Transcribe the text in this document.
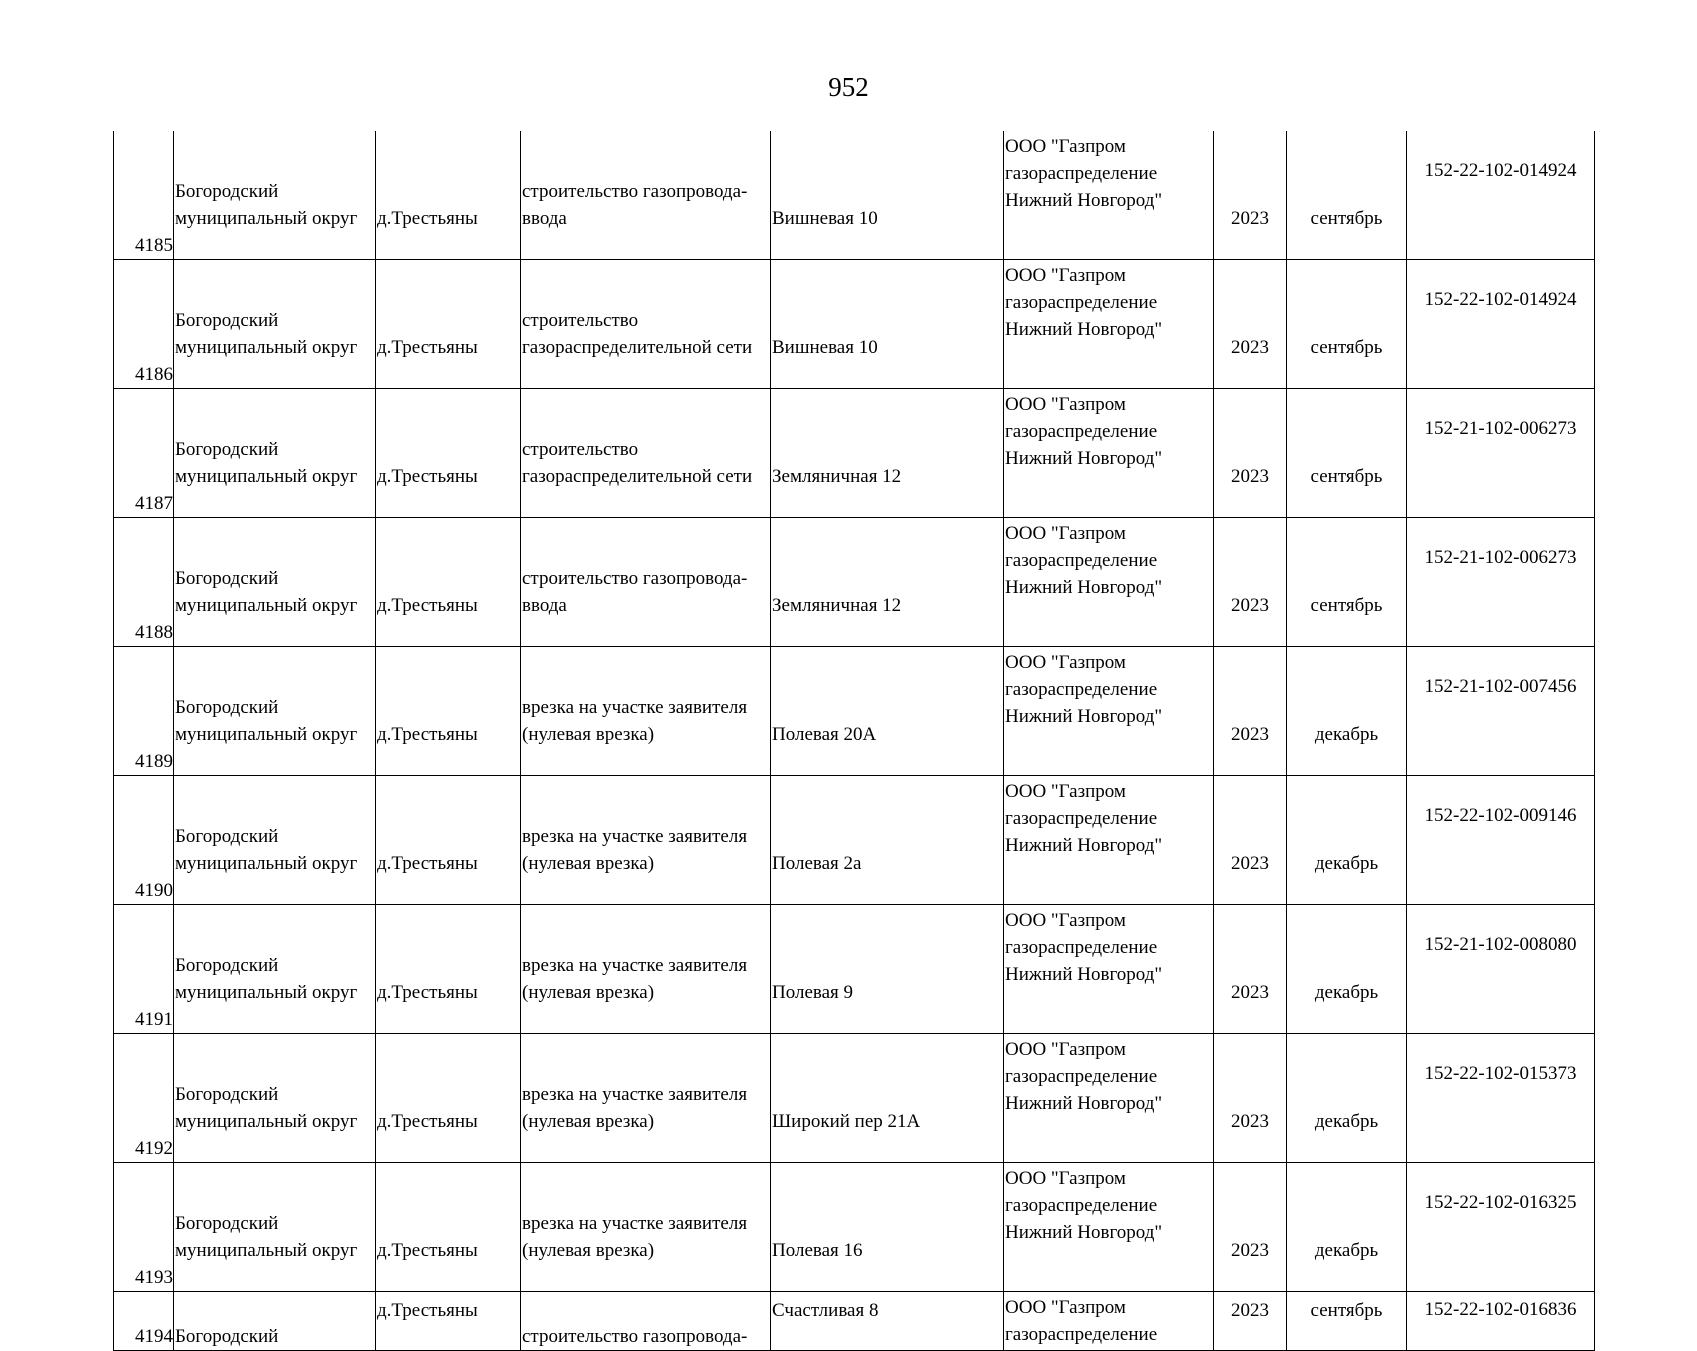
952
4185	Богородский
муниципальный округ	д.Трестьяны	строительство газопровода-
ввода	Вишневая 10	ООО "Газпром
газораспределение
Нижний Новгород"	2023	сентябрь	152-22-102-014924
4186	Богородский
муниципальный округ	д.Трестьяны	строительство
газораспределительной сети	Вишневая 10	ООО "Газпром
газораспределение
Нижний Новгород"	2023	сентябрь	152-22-102-014924
4187	Богородский
муниципальный округ	д.Трестьяны	строительство
газораспределительной сети	Земляничная 12	ООО "Газпром
газораспределение
Нижний Новгород"	2023	сентябрь	152-21-102-006273
4188	Богородский
муниципальный округ	д.Трестьяны	строительство газопровода-
ввода	Земляничная 12	ООО "Газпром
газораспределение
Нижний Новгород"	2023	сентябрь	152-21-102-006273
4189	Богородский
муниципальный округ	д.Трестьяны	врезка на участке заявителя
(нулевая врезка)	Полевая 20А	ООО "Газпром
газораспределение
Нижний Новгород"	2023	декабрь	152-21-102-007456
4190	Богородский
муниципальный округ	д.Трестьяны	врезка на участке заявителя
(нулевая врезка)	Полевая 2а	ООО "Газпром
газораспределение
Нижний Новгород"	2023	декабрь	152-22-102-009146
4191	Богородский
муниципальный округ	д.Трестьяны	врезка на участке заявителя
(нулевая врезка)	Полевая 9	ООО "Газпром
газораспределение
Нижний Новгород"	2023	декабрь	152-21-102-008080
4192	Богородский
муниципальный округ	д.Трестьяны	врезка на участке заявителя
(нулевая врезка)	Широкий пер 21А	ООО "Газпром
газораспределение
Нижний Новгород"	2023	декабрь	152-22-102-015373
4193	Богородский
муниципальный округ	д.Трестьяны	врезка на участке заявителя
(нулевая врезка)	Полевая 16	ООО "Газпром
газораспределение
Нижний Новгород"	2023	декабрь	152-22-102-016325
4194	Богородский	д.Трестьяны	строительство газопровода-	Счастливая 8	ООО "Газпром
газораспределение	2023	сентябрь	152-22-102-016836
